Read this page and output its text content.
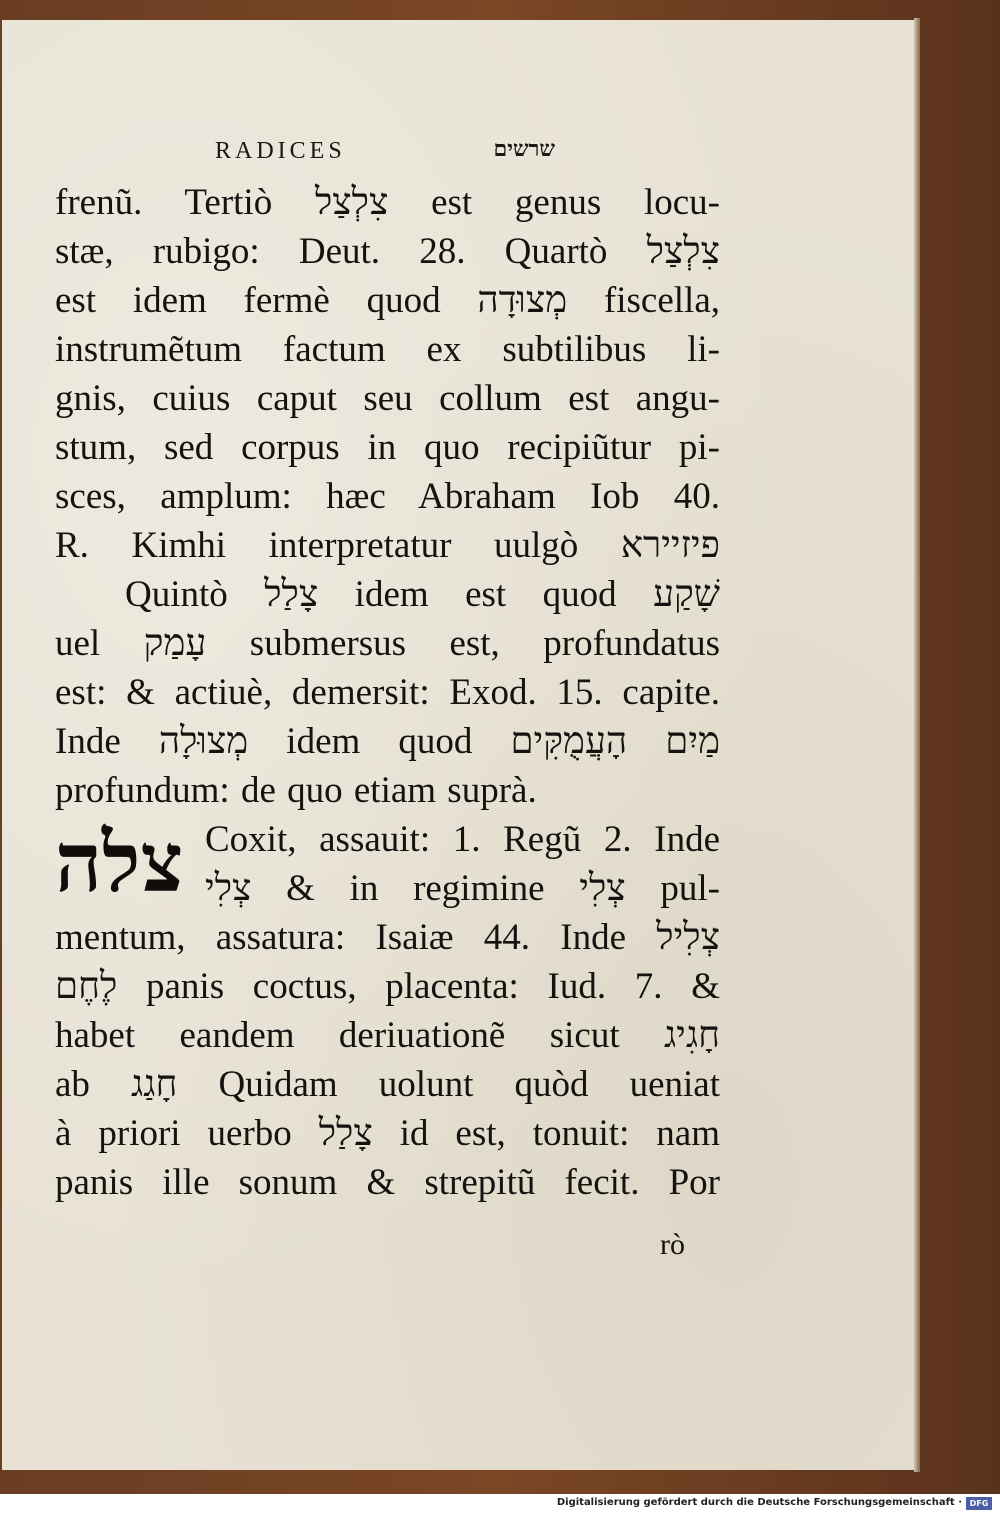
RADICES	שרשים
frenũ. Tertiò צִלְצַל est genus locu-
stæ, rubigo: Deut. 28. Quartò צִלְצַל
est idem fermè quod מְצוּדָה fiscella,
instrumẽtum factum ex subtilibus li-
gnis, cuius caput seu collum est angu-
stum, sed corpus in quo recipiũtur pi-
sces, amplum: hæc Abraham Iob 40.
R. Kimhi interpretatur uulgò פיזיירא
Quintò צָלַל idem est quod שָׁקַע
uel עָמַק submersus est, profundatus
est: & actiuè, demersit: Exod. 15. capite.
Inde מְצוּלָה idem quod מַיִם הָעֲמֻקִּים
profundum: de quo etiam suprà.
Coxit, assauit: 1. Regũ 2. Inde
צְלִי & in regimine צְלִי pul-
mentum, assatura: Isaiæ 44. Inde צְלִיל
לֶחֶם panis coctus, placenta: Iud. 7. &
habet eandem deriuationẽ sicut חָגִיג
ab חָגַג Quidam uolunt quòd ueniat
à priori uerbo צָלַל id est, tonuit: nam
panis ille sonum & strepitũ fecit. Por
צלה
rò
Digitalisierung gefördert durch die Deutsche Forschungsgemeinschaft · DFG
